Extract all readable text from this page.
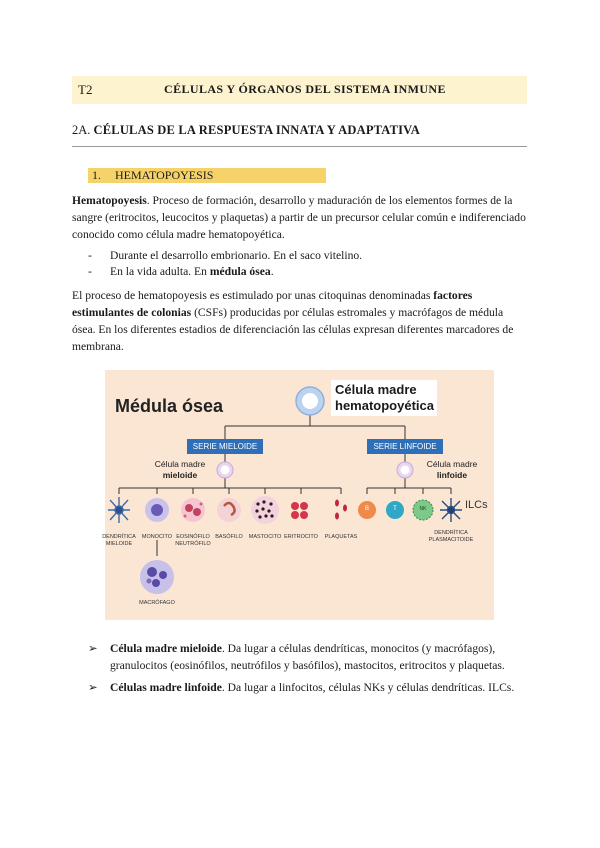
T2	CÉLULAS Y ÓRGANOS DEL SISTEMA INMUNE
2A. CÉLULAS DE LA RESPUESTA INNATA Y ADAPTATIVA
1. HEMATOPOYESIS
Hematopoyesis. Proceso de formación, desarrollo y maduración de los elementos formes de la sangre (eritrocitos, leucocitos y plaquetas) a partir de un precursor celular común e indiferenciado conocido como célula madre hematopoyética.
- Durante el desarrollo embrionario. En el saco vitelino.
- En la vida adulta. En médula ósea.
El proceso de hematopoyesis es estimulado por unas citoquinas denominadas factores estimulantes de colonias (CSFs) producidas por células estromales y macrófagos de médula ósea. En los diferentes estadios de diferenciación las células expresan diferentes marcadores de membrana.
Médula ósea
Célula madre hematopoyética
SERIE MIELOIDE	SERIE LINFOIDE
Célula madre
mieloide
Célula madre
linfoide
DENDRÍTICA
MIELOIDE
MONOCITO EOSINÓFILO
NEUTRÓFILO
BASÓFILO	MASTOCITO ERITROCITO	PLAQUETAS
MACRÓFAGO
DENDRÍTICA
PLASMACITOIDE
B	T	NK	ILCs
➢ Célula madre mieloide. Da lugar a células dendríticas, monocitos (y macrófagos), granulocitos (eosinófilos, neutrófilos y basófilos), mastocitos, eritrocitos y plaquetas.
➢ Células madre linfoide. Da lugar a linfocitos, células NKs y células dendríticas. ILCs.
